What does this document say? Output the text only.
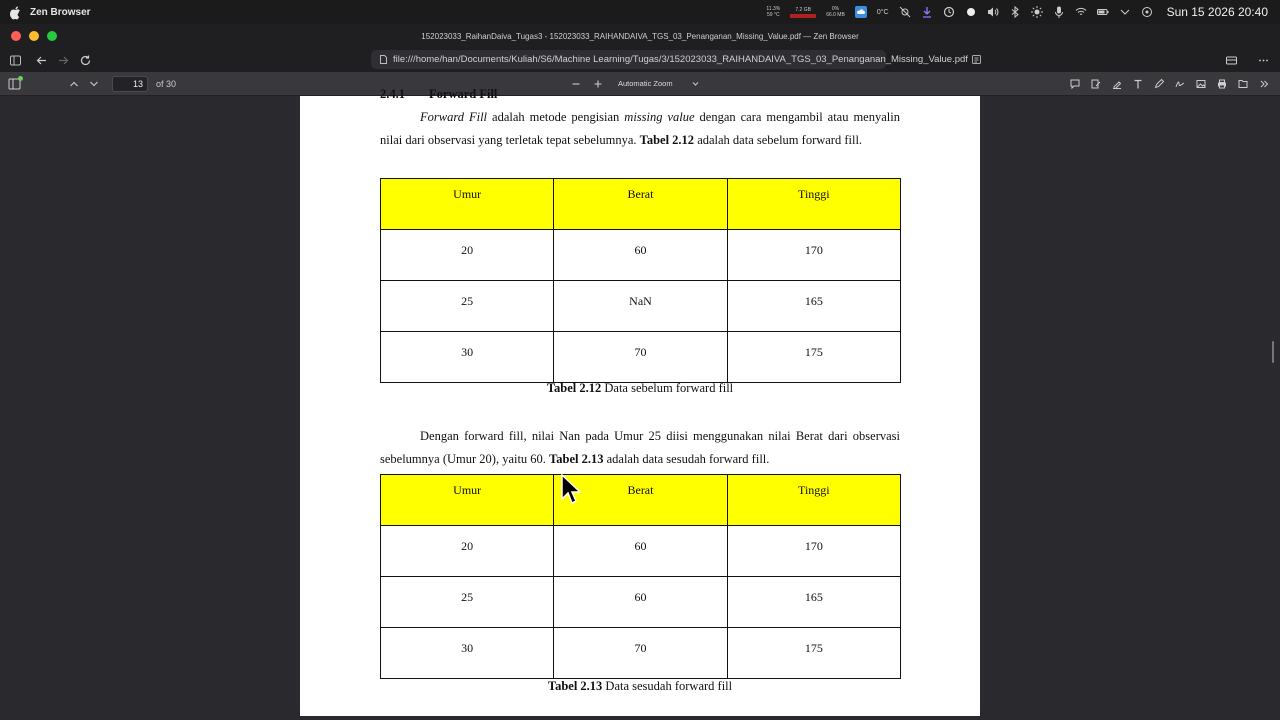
Zen Browser	11.3%
59 °C
7.2 GB	0%
66.0 MB	0°C	Sun 15 2026 20:40
152023033_RaihanDaiva_Tugas3 - 152023033_RAIHANDAIVA_TGS_03_Penanganan_Missing_Value.pdf — Zen Browser
file:///home/han/Documents/Kuliah/S6/Machine Learning/Tugas/3/152023033_RAIHANDAIVA_TGS_03_Penanganan_Missing_Value.pdf
13
of 30	Automatic Zoom
2.4.1 Forward Fill

Forward Fill adalah metode pengisian missing value dengan cara mengambil atau menyalin nilai dari observasi yang terletak tepat sebelumnya. Tabel 2.12 adalah data sebelum forward fill.

Umur	Berat	Tinggi
20	60	170
25	NaN	165
30	70	175
Tabel 2.12 Data sebelum forward fill

Dengan forward fill, nilai Nan pada Umur 25 diisi menggunakan nilai Berat dari observasi sebelumnya (Umur 20), yaitu 60. Tabel 2.13 adalah data sesudah forward fill.

Umur	Berat	Tinggi
20	60	170
25	60	165
30	70	175
Tabel 2.13 Data sesudah forward fill
